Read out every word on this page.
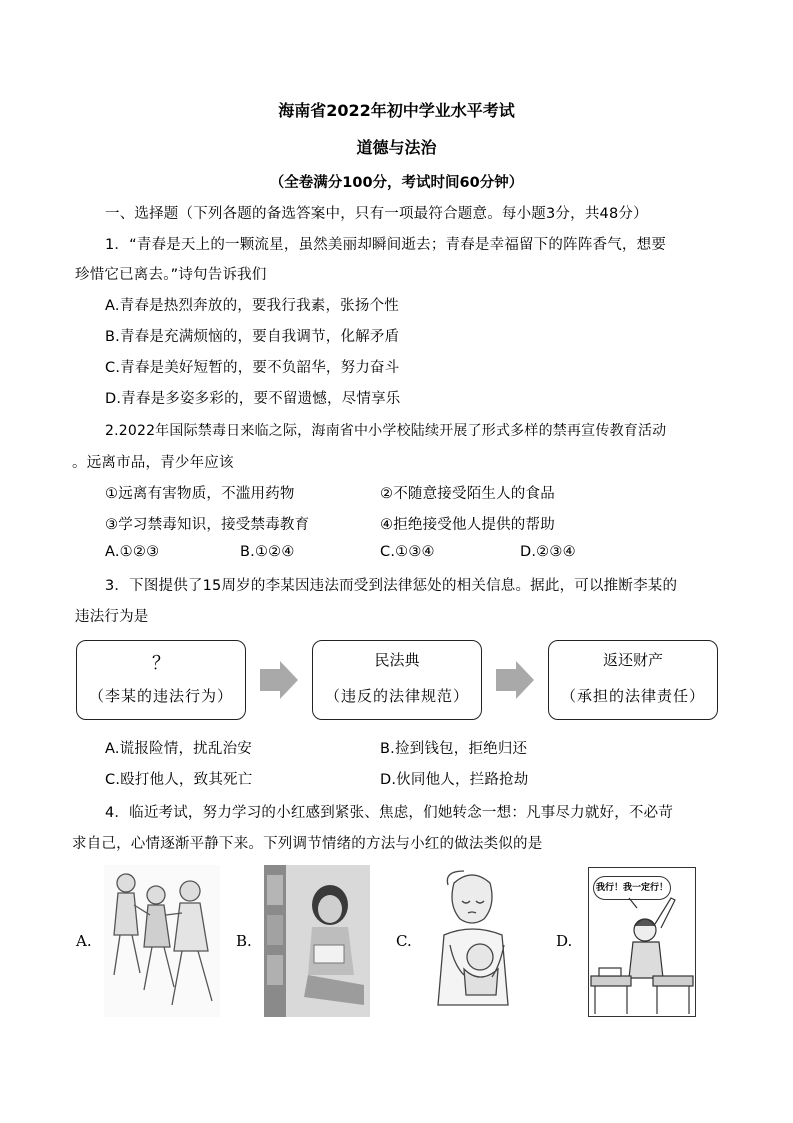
海南省2022年初中学业水平考试
道德与法治
（全卷满分100分，考试时间60分钟）
一、选择题（下列各题的备选答案中，只有一项最符合题意。每小题3分，共48分）
1．“青春是天上的一颗流星，虽然美丽却瞬间逝去；青春是幸福留下的阵阵香气，想要
珍惜它已离去。”诗句告诉我们
A.青春是热烈奔放的，要我行我素，张扬个性
B.青春是充满烦恼的，要自我调节，化解矛盾
C.青春是美好短暂的，要不负韶华，努力奋斗
D.青春是多姿多彩的，要不留遗憾，尽情享乐
2.2022年国际禁毒日来临之际，海南省中小学校陆续开展了形式多样的禁再宣传教育活动
。远离市品，青少年应该
①远离有害物质，不滥用药物	②不随意接受陌生人的食品
③学习禁毒知识，接受禁毒教育	④拒绝接受他人提供的帮助
A.①②③	B.①②④	C.①③④	D.②③④
3．下图提供了15周岁的李某因违法而受到法律惩处的相关信息。据此，可以推断李某的
违法行为是
？
（李某的违法行为）
民法典
（违反的法律规范）
返还财产
（承担的法律责任）
A.谎报险情，扰乱治安	B.捡到钱包，拒绝归还
C.殴打他人，致其死亡	D.伙同他人，拦路抢劫
4．临近考试，努力学习的小红感到紧张、焦虑，们她转念一想：凡事尽力就好，不必苛
求自己，心情逐渐平静下来。下列调节情绪的方法与小红的做法类似的是
A.	B.	C.	D.
我行！我一定行！
